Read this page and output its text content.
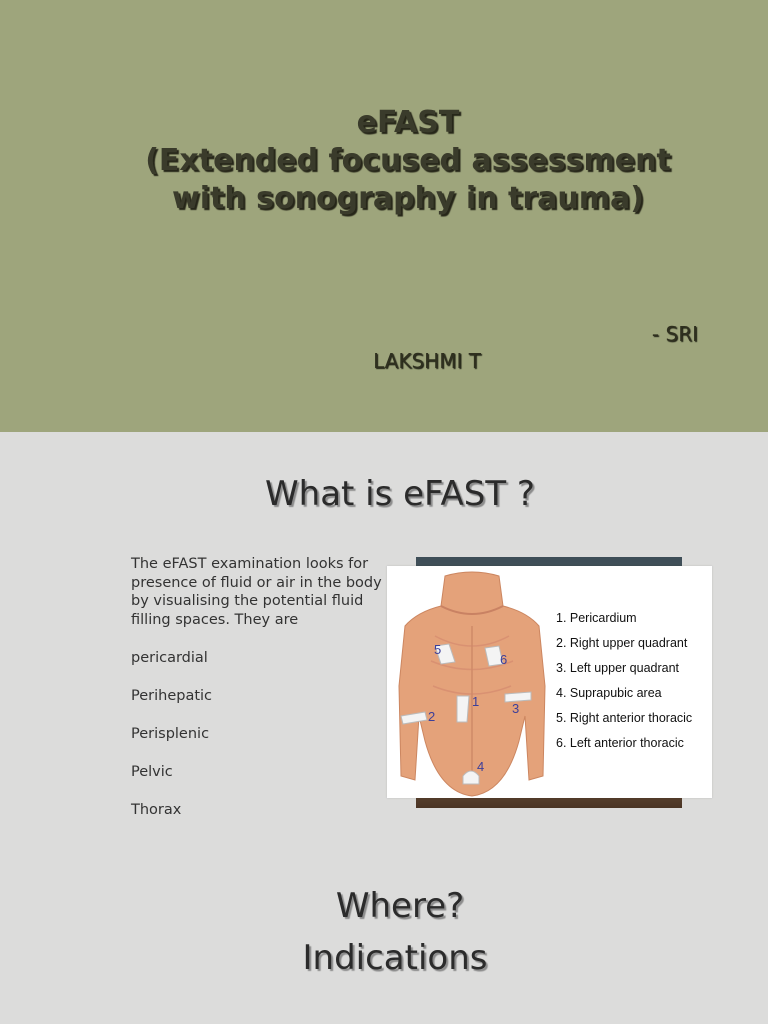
eFAST
(Extended focused assessment
with sonography in trauma)
- SRI
LAKSHMI T
What is eFAST ?

The eFAST examination looks for presence of fluid or air in the body by visualising the potential fluid filling spaces. They are

pericardial

Perihepatic

Perisplenic

Pelvic

Thorax

5
6
1
2
3
4
1. Pericardium
2. Right upper quadrant
3. Left upper quadrant
4. Suprapubic area
5. Right anterior thoracic
6. Left anterior thoracic
Where?
Indications
